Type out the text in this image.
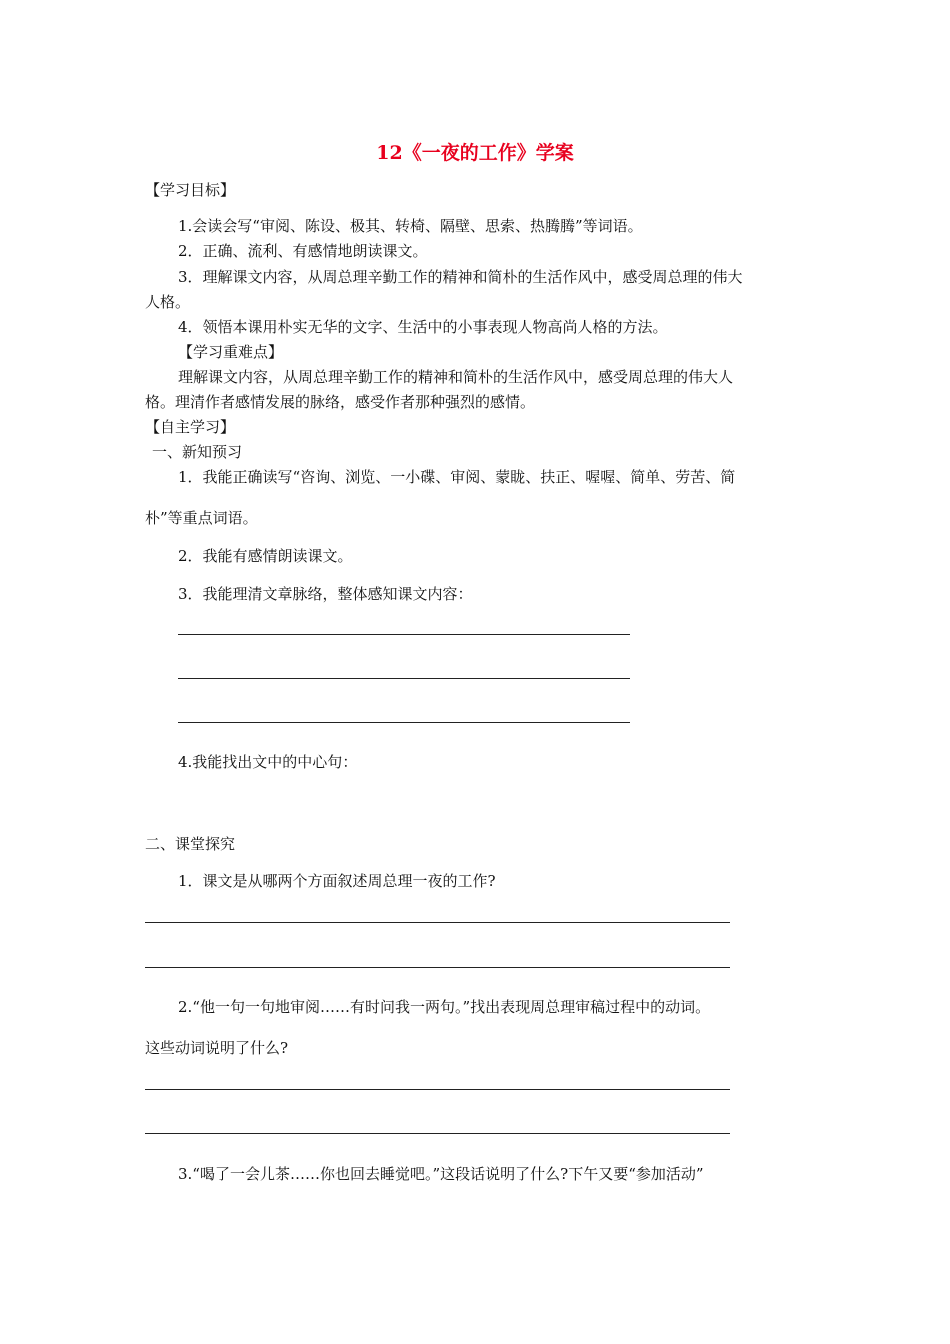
12《一夜的工作》学案
【学习目标】
1.会读会写“审阅、陈设、极其、转椅、隔壁、思索、热腾腾”等词语。
2．正确、流利、有感情地朗读课文。
3．理解课文内容，从周总理辛勤工作的精神和简朴的生活作风中，感受周总理的伟大
人格。
4．领悟本课用朴实无华的文字、生活中的小事表现人物高尚人格的方法。
【学习重难点】
理解课文内容，从周总理辛勤工作的精神和简朴的生活作风中，感受周总理的伟大人
格。理清作者感情发展的脉络，感受作者那种强烈的感情。
【自主学习】
一、新知预习
1．我能正确读写“咨询、浏览、一小碟、审阅、蒙眬、扶正、喔喔、简单、劳苦、简
朴”等重点词语。
2．我能有感情朗读课文。
3．我能理清文章脉络，整体感知课文内容：
4.我能找出文中的中心句：
二、课堂探究
1．课文是从哪两个方面叙述周总理一夜的工作?
2.“他一句一句地审阅……有时问我一两句。”找出表现周总理审稿过程中的动词。
这些动词说明了什么?
3.“喝了一会儿茶……你也回去睡觉吧。”这段话说明了什么?下午又要“参加活动”
